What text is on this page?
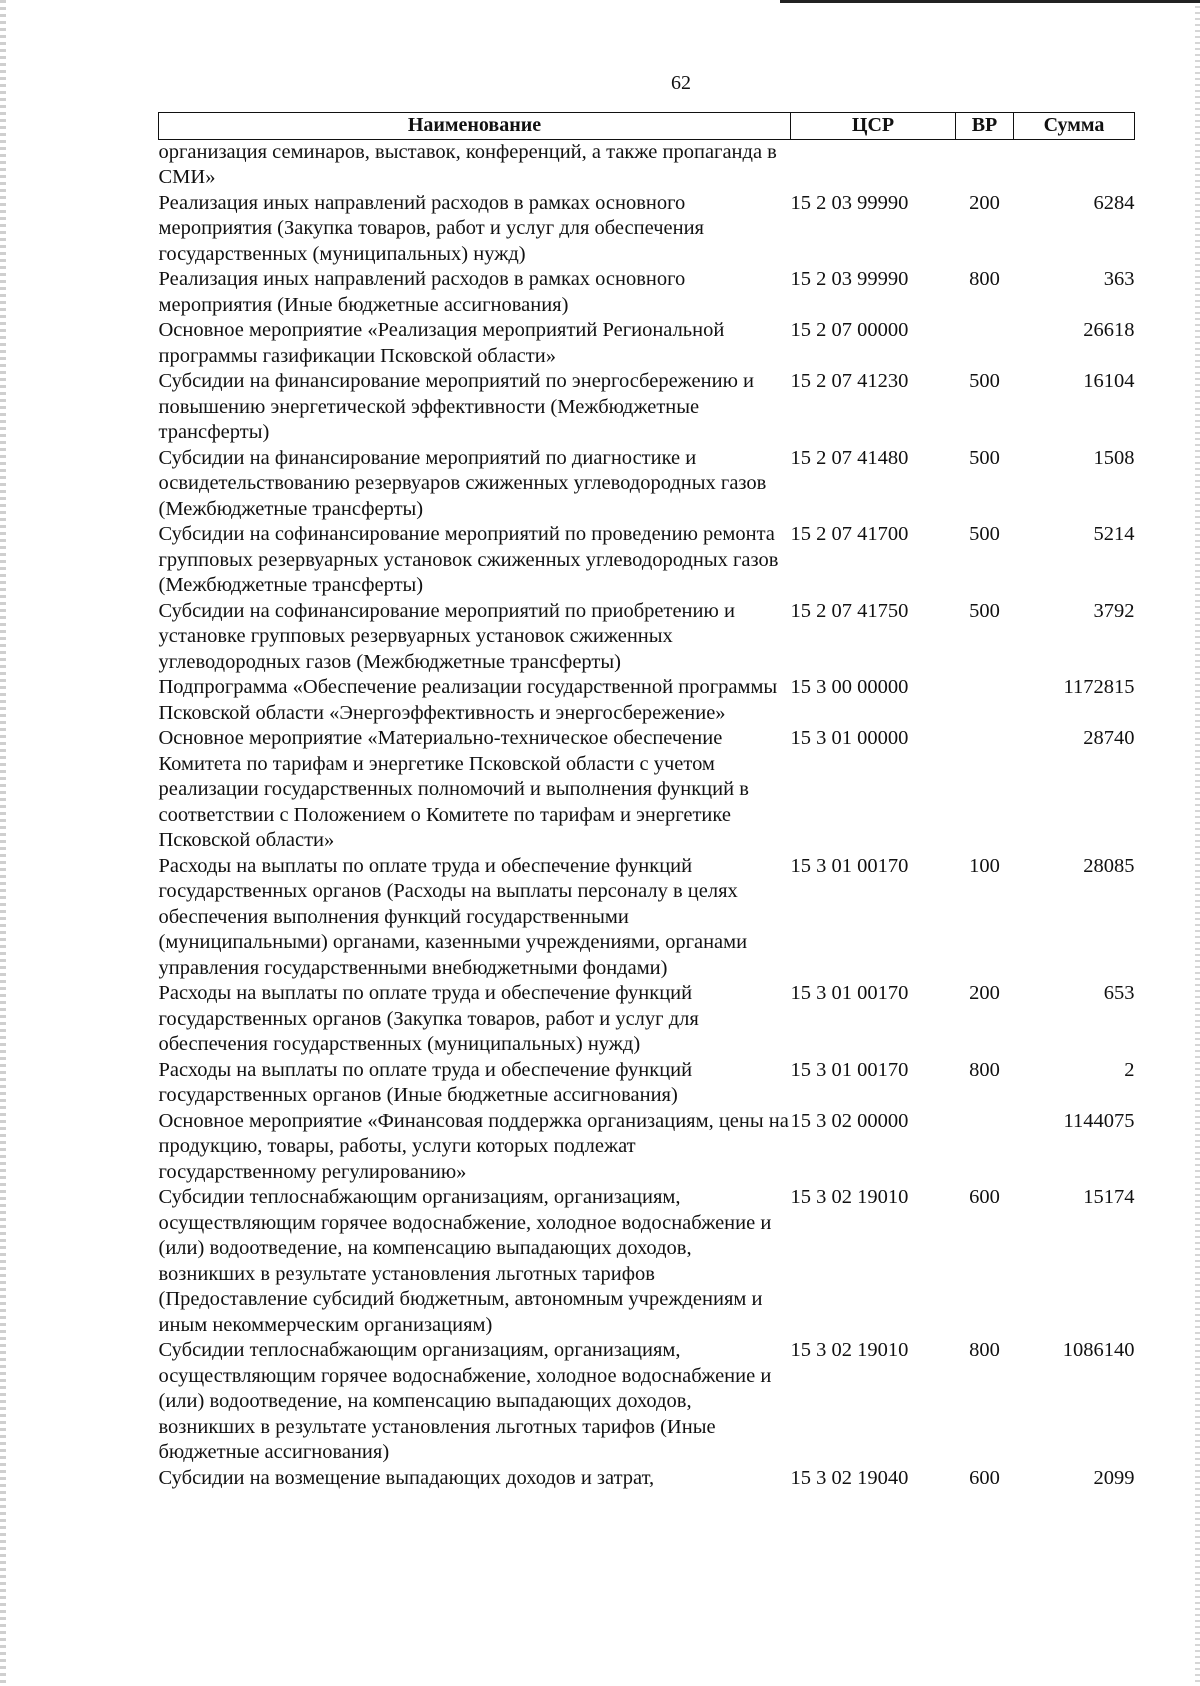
62
Наименование	ЦСР	ВР	Сумма
организация семинаров, выставок, конференций, а также пропаганда в СМИ»			
Реализация иных направлений расходов в рамках основного мероприятия (Закупка товаров, работ и услуг для обеспечения государственных (муниципальных) нужд)	15 2 03 99990	200	6284
Реализация иных направлений расходов в рамках основного мероприятия (Иные бюджетные ассигнования)	15 2 03 99990	800	363
Основное мероприятие «Реализация мероприятий Региональной программы газификации Псковской области»	15 2 07 00000		26618
Субсидии на финансирование мероприятий по энергосбережению и повышению энергетической эффективности (Межбюджетные трансферты)	15 2 07 41230	500	16104
Субсидии на финансирование мероприятий по диагностике и освидетельствованию резервуаров сжиженных углеводородных газов (Межбюджетные трансферты)	15 2 07 41480	500	1508
Субсидии на софинансирование мероприятий по проведению ремонта групповых резервуарных установок сжиженных углеводородных газов (Межбюджетные трансферты)	15 2 07 41700	500	5214
Субсидии на софинансирование мероприятий по приобретению и установке групповых резервуарных установок сжиженных углеводородных газов (Межбюджетные трансферты)	15 2 07 41750	500	3792
Подпрограмма «Обеспечение реализации государственной программы Псковской области «Энергоэффективность и энергосбережение»	15 3 00 00000		1172815
Основное мероприятие «Материально-техническое обеспечение Комитета по тарифам и энергетике Псковской области с учетом реализации государственных полномочий и выполнения функций в соответствии с Положением о Комитете по тарифам и энергетике Псковской области»	15 3 01 00000		28740
Расходы на выплаты по оплате труда и обеспечение функций государственных органов (Расходы на выплаты персоналу в целях обеспечения выполнения функций государственными (муниципальными) органами, казенными учреждениями, органами управления государственными внебюджетными фондами)	15 3 01 00170	100	28085
Расходы на выплаты по оплате труда и обеспечение функций государственных органов (Закупка товаров, работ и услуг для обеспечения государственных (муниципальных) нужд)	15 3 01 00170	200	653
Расходы на выплаты по оплате труда и обеспечение функций государственных органов (Иные бюджетные ассигнования)	15 3 01 00170	800	2
Основное мероприятие «Финансовая поддержка организациям, цены на продукцию, товары, работы, услуги которых подлежат государственному регулированию»	15 3 02 00000		1144075
Субсидии теплоснабжающим организациям, организациям, осуществляющим горячее водоснабжение, холодное водоснабжение и (или) водоотведение, на компенсацию выпадающих доходов, возникших в результате установления льготных тарифов (Предоставление субсидий бюджетным, автономным учреждениям и иным некоммерческим организациям)	15 3 02 19010	600	15174
Субсидии теплоснабжающим организациям, организациям, осуществляющим горячее водоснабжение, холодное водоснабжение и (или) водоотведение, на компенсацию выпадающих доходов, возникших в результате установления льготных тарифов (Иные бюджетные ассигнования)	15 3 02 19010	800	1086140
Субсидии на возмещение выпадающих доходов и затрат,	15 3 02 19040	600	2099
